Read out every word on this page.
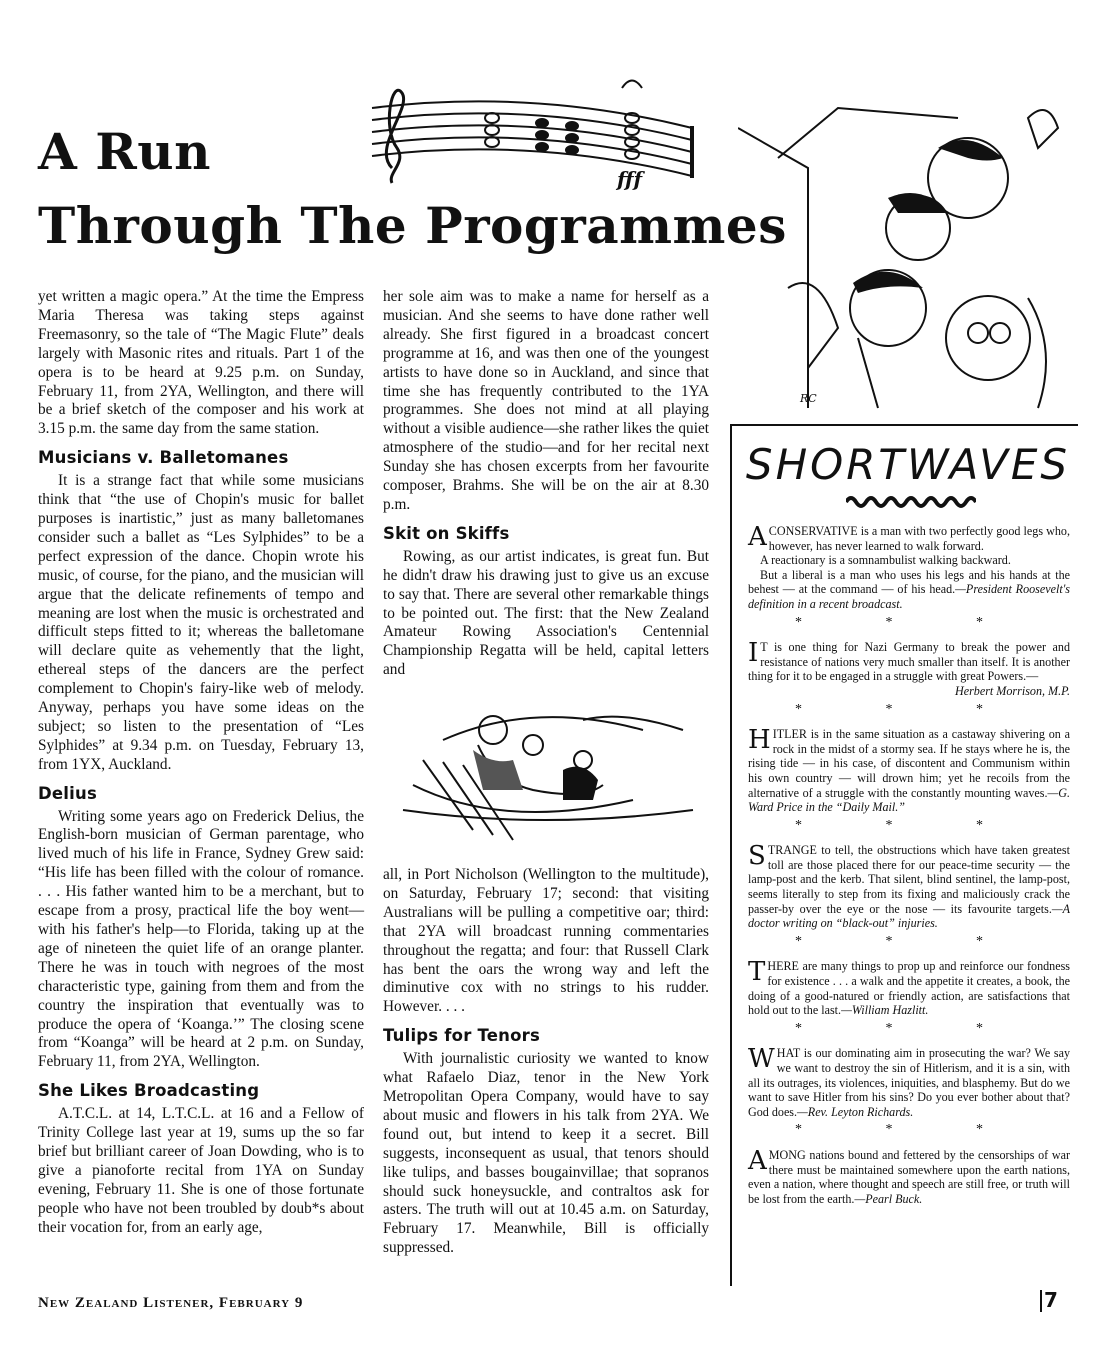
A Run
Through The Programmes
fff

yet written a magic opera.” At the time the Empress Maria Theresa was taking steps against Freemasonry, so the tale of “The Magic Flute” deals largely with Masonic rites and rituals. Part 1 of the opera is to be heard at 9.25 p.m. on Sunday, February 11, from 2YA, Wellington, and there will be a brief sketch of the composer and his work at 3.15 p.m. the same day from the same station.

Musicians v. Balletomanes

It is a strange fact that while some musicians think that “the use of Chopin's music for ballet purposes is inartistic,” just as many balletomanes consider such a ballet as “Les Sylphides” to be a perfect expression of the dance. Chopin wrote his music, of course, for the piano, and the musician will argue that the delicate refinements of tempo and meaning are lost when the music is orchestrated and difficult steps fitted to it; whereas the balletomane will declare quite as vehemently that the light, ethereal steps of the dancers are the perfect complement to Chopin's fairy-like web of melody. Anyway, perhaps you have some ideas on the subject; so listen to the presentation of “Les Sylphides” at 9.34 p.m. on Tuesday, February 13, from 1YX, Auckland.

Delius

Writing some years ago on Frederick Delius, the English-born musician of German parentage, who lived much of his life in France, Sydney Grew said: “His life has been filled with the colour of romance. . . . His father wanted him to be a merchant, but to escape from a prosy, practical life the boy went—with his father's help—to Florida, taking up at the age of nineteen the quiet life of an orange planter. There he was in touch with negroes of the most characteristic type, gaining from them and from the country the inspiration that eventually was to produce the opera of ‘Koanga.’” The closing scene from “Koanga” will be heard at 2 p.m. on Sunday, February 11, from 2YA, Wellington.

She Likes Broadcasting

A.T.C.L. at 14, L.T.C.L. at 16 and a Fellow of Trinity College last year at 19, sums up the so far brief but brilliant career of Joan Dowding, who is to give a pianoforte recital from 1YA on Sunday evening, February 11. She is one of those fortunate people who have not been troubled by doub*s about their vocation for, from an early age,

her sole aim was to make a name for herself as a musician. And she seems to have done rather well already. She first figured in a broadcast concert programme at 16, and was then one of the youngest artists to have done so in Auckland, and since that time she has frequently contributed to the 1YA programmes. She does not mind at all playing without a visible audience—she rather likes the quiet atmosphere of the studio—and for her recital next Sunday she has chosen excerpts from her favourite composer, Brahms. She will be on the air at 8.30 p.m.

Skit on Skiffs

Rowing, as our artist indicates, is great fun. But he didn't draw his drawing just to give us an excuse to say that. There are several other remarkable things to be pointed out. The first: that the New Zealand Amateur Rowing Association's Centennial Championship Regatta will be held, capital letters and

all, in Port Nicholson (Wellington to the multitude), on Saturday, February 17; second: that visiting Australians will be pulling a competitive oar; third: that 2YA will broadcast running commentaries throughout the regatta; and four: that Russell Clark has bent the oars the wrong way and left the diminutive cox with no strings to his rudder. However. . . .

Tulips for Tenors

With journalistic curiosity we wanted to know what Rafaelo Diaz, tenor in the New York Metropolitan Opera Company, would have to say about music and flowers in his talk from 2YA. We found out, but intend to keep it a secret. Bill suggests, inconsequent as usual, that tenors should like tulips, and basses bougainvillae; that sopranos should suck honeysuckle, and contraltos ask for asters. The truth will out at 10.45 a.m. on Saturday, February 17. Meanwhile, Bill is officially suppressed.

RC
SHORTWAVES
A CONSERVATIVE is a man with two perfectly good legs who, however, has never learned to walk forward.

A reactionary is a somnambulist walking backward.

But a liberal is a man who uses his legs and his hands at the behest — at the command — of his head.—President Roosevelt's definition in a recent broadcast.

* * *
I T is one thing for Nazi Germany to break the power and resistance of nations very much smaller than itself. It is another thing for it to be engaged in a struggle with great Powers.—

Herbert Morrison, M.P.

* * *
H ITLER is in the same situation as a castaway shivering on a rock in the midst of a stormy sea. If he stays where he is, the rising tide — in his case, of discontent and Communism within his own country — will drown him; yet he recoils from the alternative of a struggle with the constantly mounting waves.—G. Ward Price in the “Daily Mail.”

* * *
S TRANGE to tell, the obstructions which have taken greatest toll are those placed there for our peace-time security — the lamp-post and the kerb. That silent, blind sentinel, the lamp-post, seems literally to step from its fixing and maliciously crack the passer-by over the eye or the nose — its favourite targets.—A doctor writing on “black-out” injuries.

* * *
T HERE are many things to prop up and reinforce our fondness for existence . . . a walk and the appetite it creates, a book, the doing of a good-natured or friendly action, are satisfactions that hold out to the last.—William Hazlitt.

* * *
W HAT is our dominating aim in prosecuting the war? We say we want to destroy the sin of Hitlerism, and it is a sin, with all its outrages, its violences, iniquities, and blasphemy. But do we want to save Hitler from his sins? Do you ever bother about that? God does.—Rev. Leyton Richards.

* * *
A MONG nations bound and fettered by the censorships of war there must be maintained somewhere upon the earth nations, even a nation, where thought and speech are still free, or truth will be lost from the earth.—Pearl Buck.

New Zealand Listener, February 9	7
